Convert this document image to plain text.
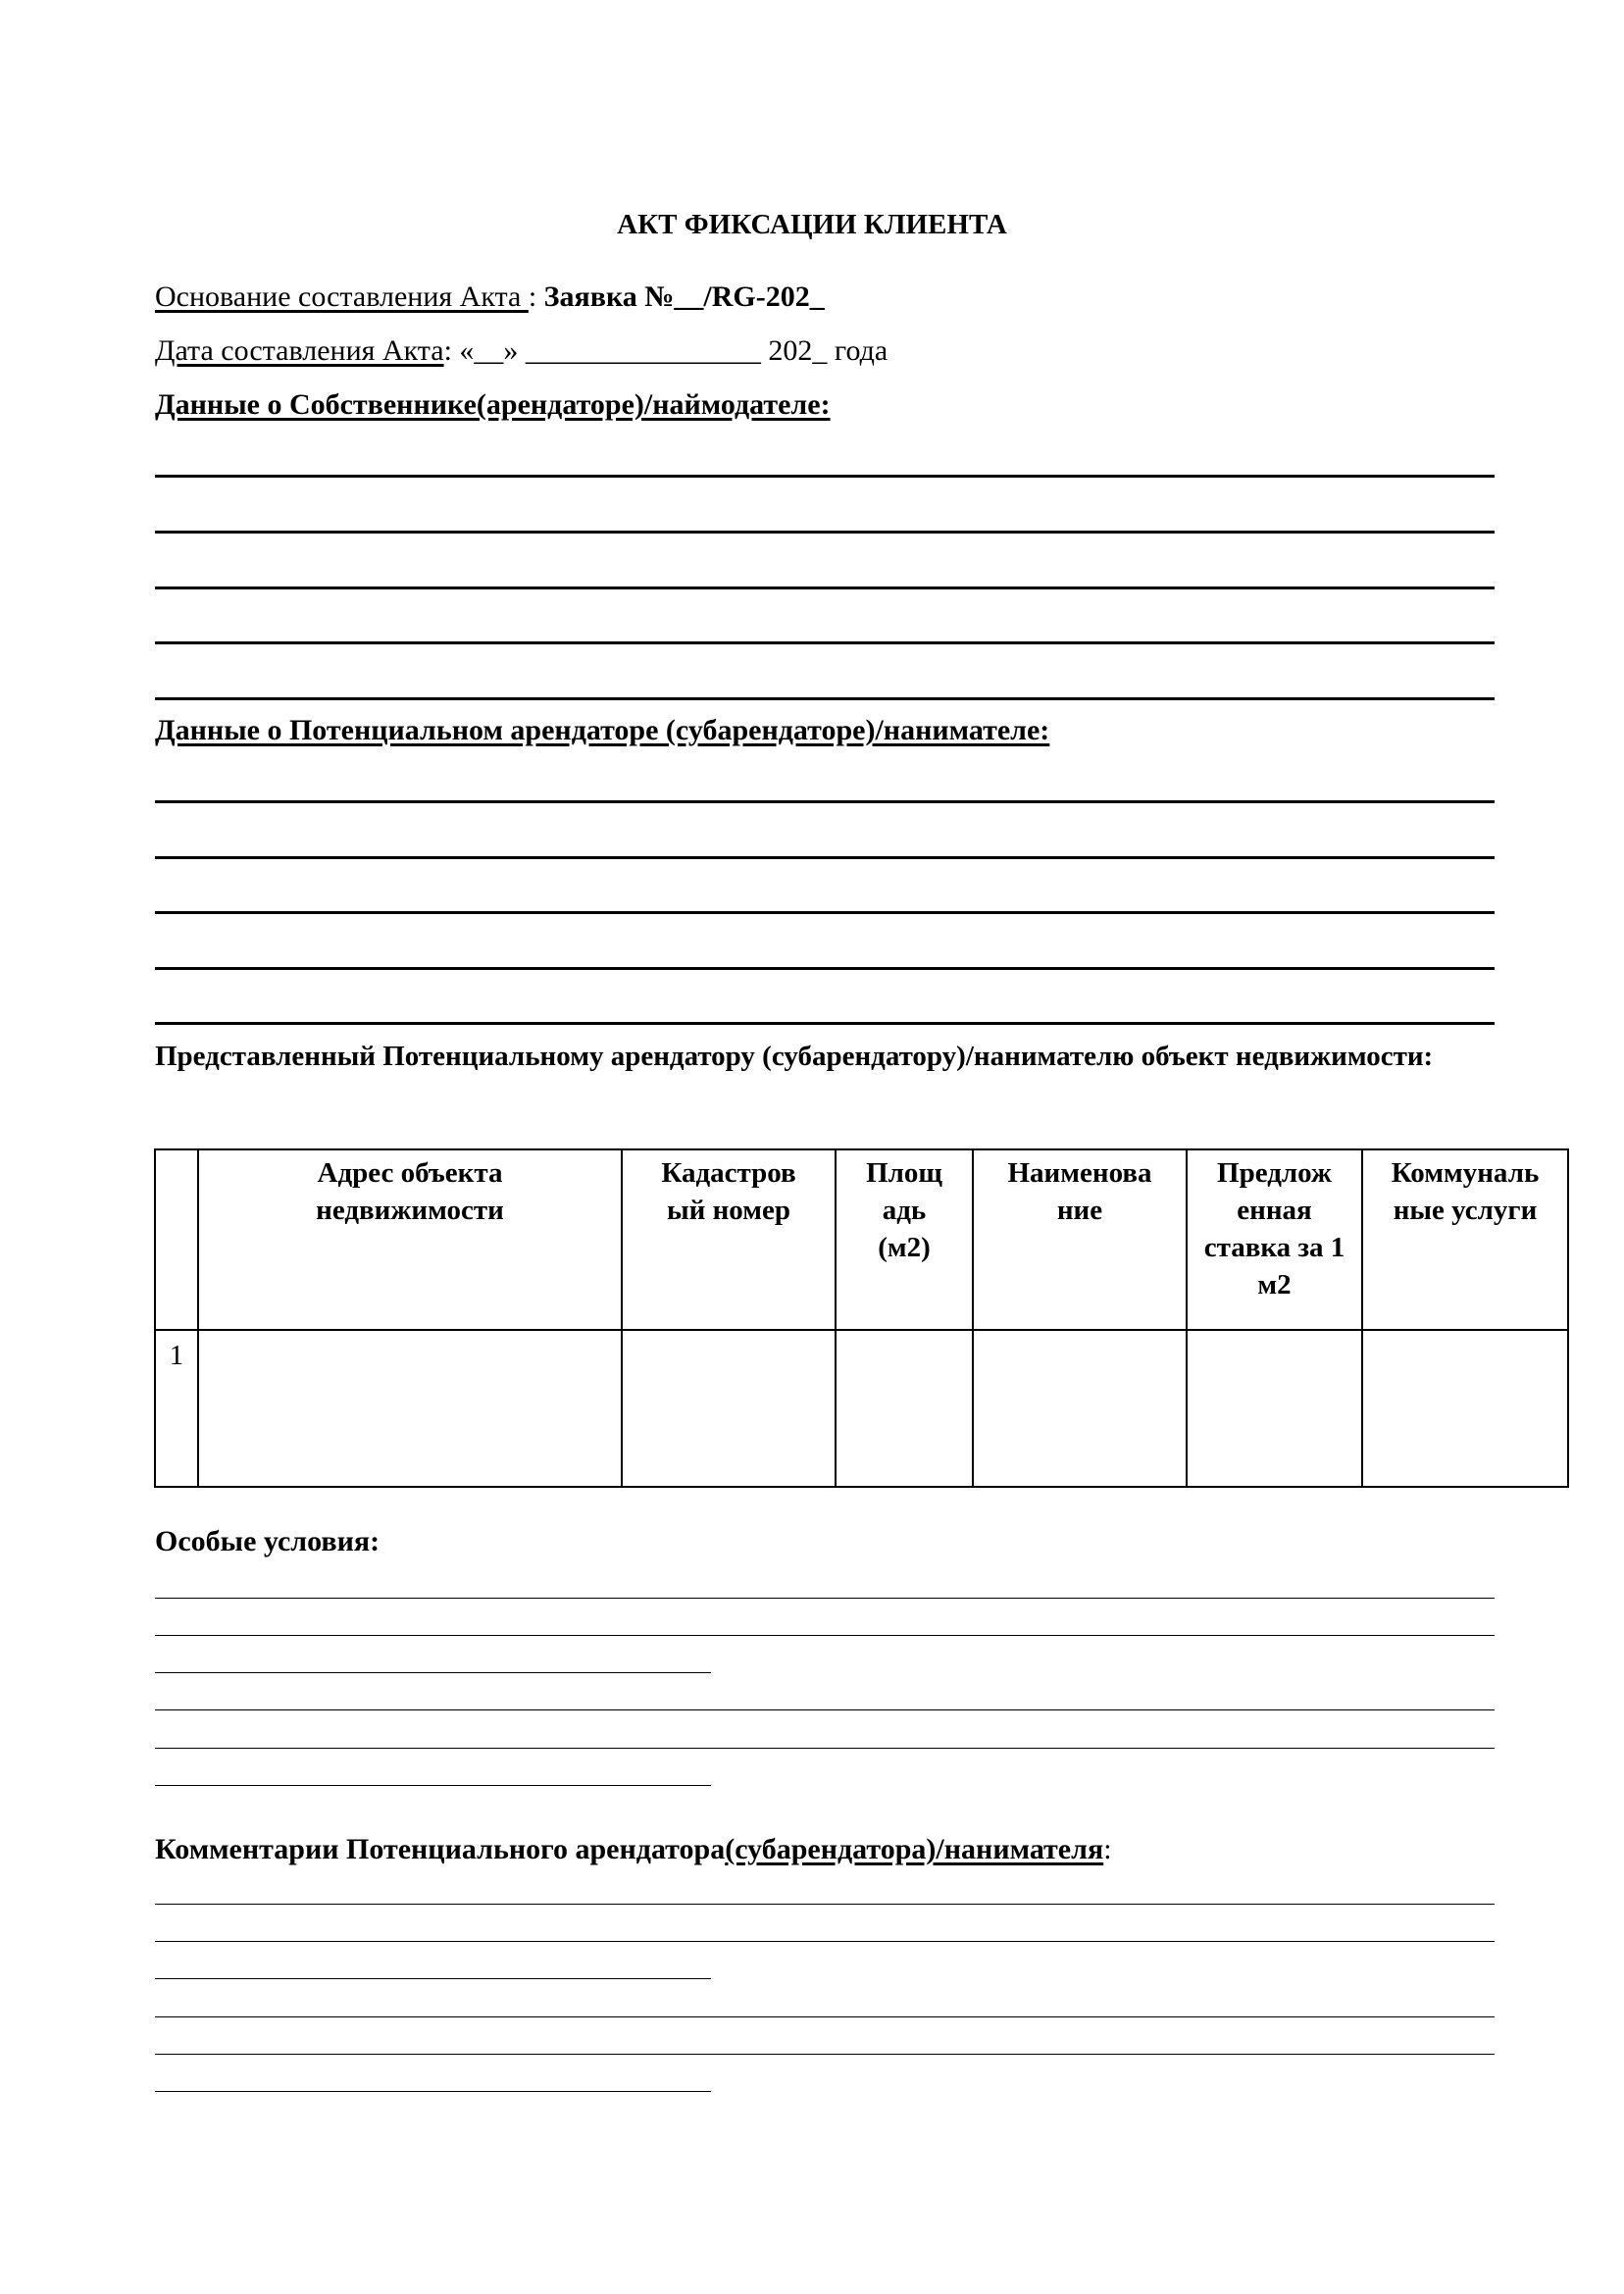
АКТ ФИКСАЦИИ КЛИЕНТА
Основание составления Акта : Заявка №__/RG-202_
Дата составления Акта: «__» ________________ 202_ года
Данные о Собственнике(арендаторе)/наймодателе:
Данные о Потенциальном арендаторе (субарендаторе)/нанимателе:
Представленный Потенциальному арендатору (субарендатору)/нанимателю объект недвижимости:
	Адрес объекта недвижимости	Кадастров ый номер	Площ адь (м2)	Наименова ние	Предлож енная ставка за 1 м2	Коммуналь ные услуги
1						
Особые условия:
Комментарии Потенциального арендатора(субарендатора)/нанимателя:
